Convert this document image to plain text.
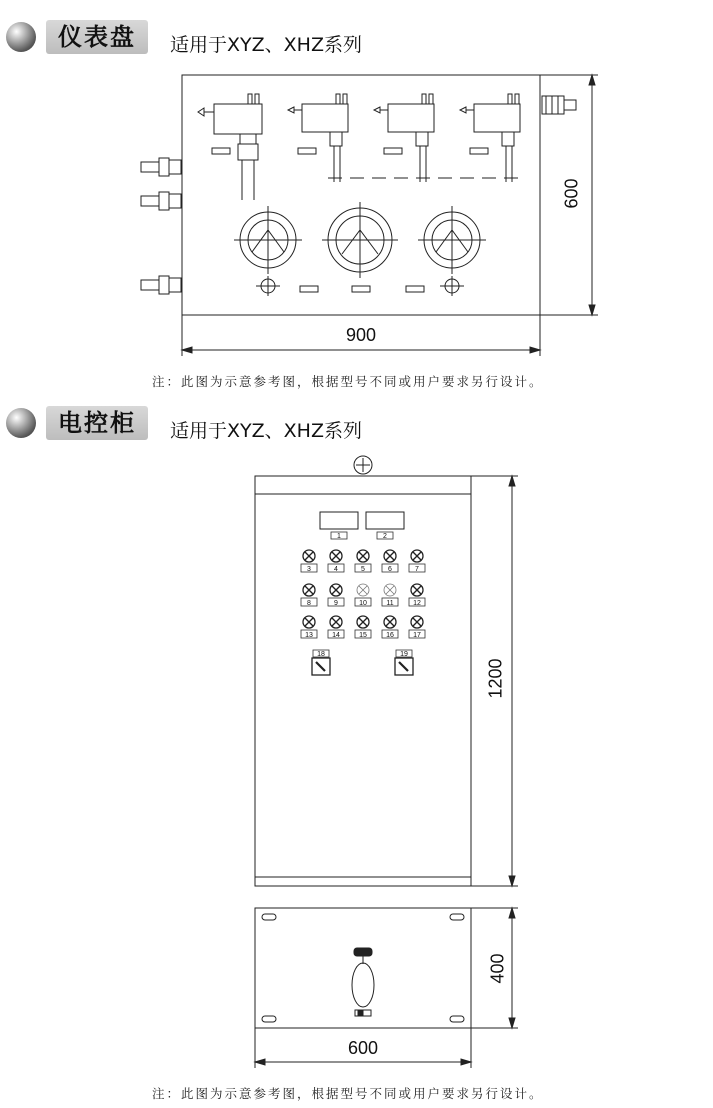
仪表盘	适用于XYZ、XHZ系列
3	4	5	6	7
8	9	10	11	12
13	14	15	16	17
18	19
1	2
600
900
注：此图为示意参考图，根据型号不同或用户要求另行设计。
电控柜	适用于XYZ、XHZ系列
1200
400
600
注：此图为示意参考图，根据型号不同或用户要求另行设计。
